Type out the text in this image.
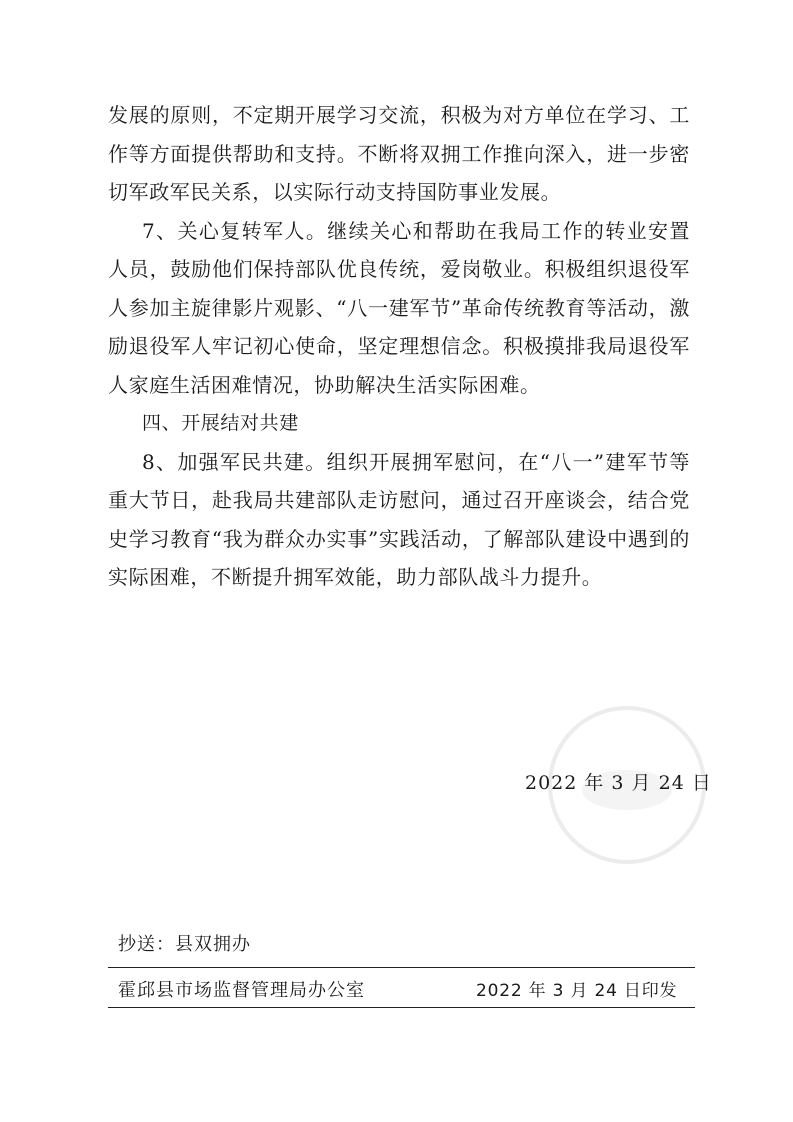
发展的原则，不定期开展学习交流，积极为对方单位在学习、工作等方面提供帮助和支持。不断将双拥工作推向深入，进一步密切军政军民关系，以实际行动支持国防事业发展。

7、关心复转军人。继续关心和帮助在我局工作的转业安置人员，鼓励他们保持部队优良传统，爱岗敬业。积极组织退役军人参加主旋律影片观影、“八一建军节”革命传统教育等活动，激励退役军人牢记初心使命，坚定理想信念。积极摸排我局退役军人家庭生活困难情况，协助解决生活实际困难。

四、开展结对共建

8、加强军民共建。组织开展拥军慰问，在“八一”建军节等重大节日，赴我局共建部队走访慰问，通过召开座谈会，结合党史学习教育“我为群众办实事”实践活动，了解部队建设中遇到的实际困难，不断提升拥军效能，助力部队战斗力提升。

2022 年 3 月 24 日
抄送：县双拥办
霍邱县市场监督管理局办公室	2022 年 3 月 24 日印发
